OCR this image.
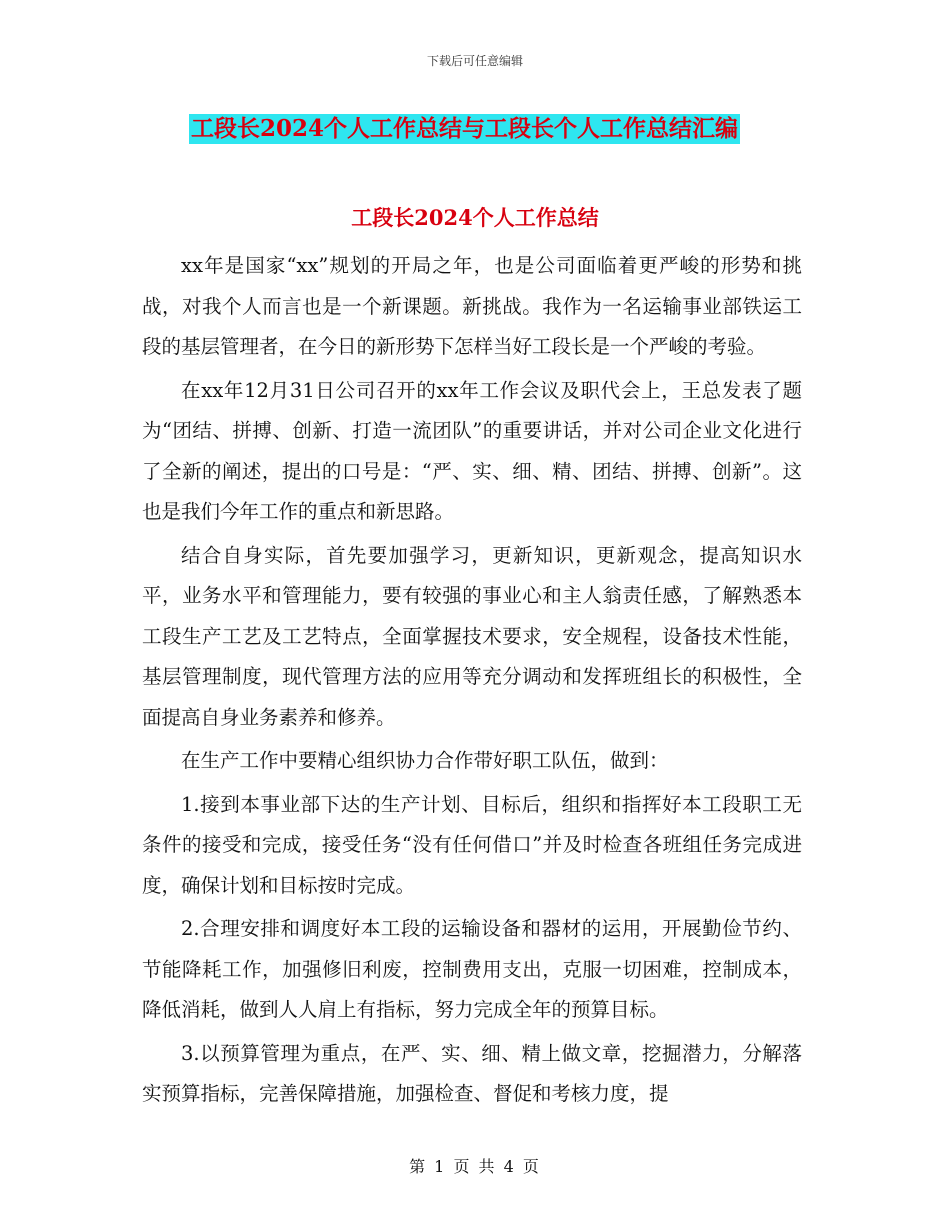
下载后可任意编辑
工段长2024个人工作总结与工段长个人工作总结汇编
工段长2024个人工作总结

xx年是国家“xx”规划的开局之年，也是公司面临着更严峻的形势和挑战，对我个人而言也是一个新课题。新挑战。我作为一名运输事业部铁运工段的基层管理者，在今日的新形势下怎样当好工段长是一个严峻的考验。

在xx年12月31日公司召开的xx年工作会议及职代会上，王总发表了题为“团结、拼搏、创新、打造一流团队”的重要讲话，并对公司企业文化进行了全新的阐述，提出的口号是：“严、实、细、精、团结、拼搏、创新”。这也是我们今年工作的重点和新思路。

结合自身实际，首先要加强学习，更新知识，更新观念，提高知识水平，业务水平和管理能力，要有较强的事业心和主人翁责任感，了解熟悉本工段生产工艺及工艺特点，全面掌握技术要求，安全规程，设备技术性能，基层管理制度，现代管理方法的应用等充分调动和发挥班组长的积极性，全面提高自身业务素养和修养。

在生产工作中要精心组织协力合作带好职工队伍，做到：

1.接到本事业部下达的生产计划、目标后，组织和指挥好本工段职工无条件的接受和完成，接受任务“没有任何借口”并及时检查各班组任务完成进度，确保计划和目标按时完成。

2.合理安排和调度好本工段的运输设备和器材的运用，开展勤俭节约、节能降耗工作，加强修旧利废，控制费用支出，克服一切困难，控制成本，降低消耗，做到人人肩上有指标，努力完成全年的预算目标。

3.以预算管理为重点，在严、实、细、精上做文章，挖掘潜力，分解落实预算指标，完善保障措施，加强检查、督促和考核力度，提

第 1 页 共 4 页
